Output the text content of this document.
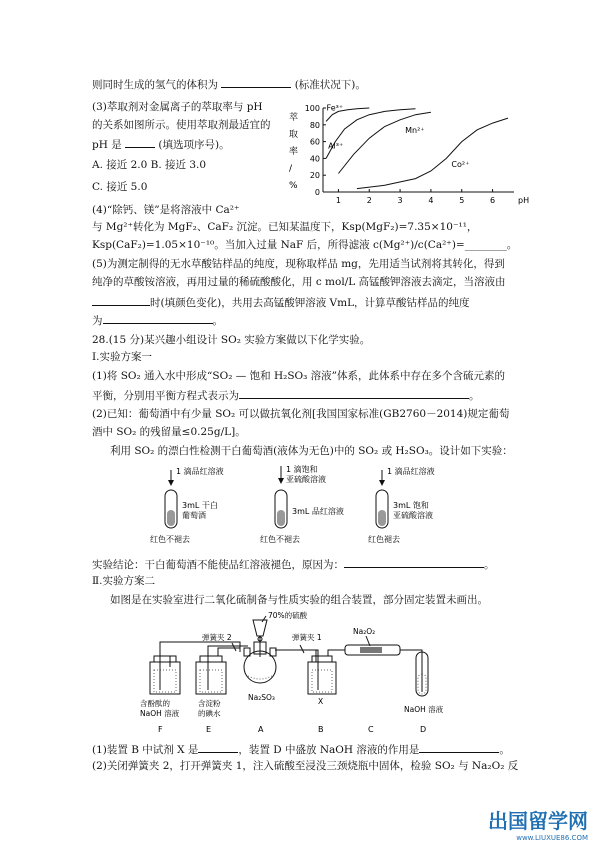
则同时生成的氢气的体积为	(标准状况下)。
(3)萃取剂对金属离子的萃取率与 pH
的关系如图所示。使用萃取剂最适宜的
pH 是	(填选项序号)。
A. 接近 2.0 B. 接近 3.0
C. 接近 5.0
(4)“除钙、镁”是将溶液中 Ca²⁺
与 Mg²⁺转化为 MgF₂、CaF₂ 沉淀。已知某温度下，Ksp(MgF₂)=7.35×10⁻¹¹，
Ksp(CaF₂)=1.05×10⁻¹⁰。当加入过量 NaF 后，所得滤液 c(Mg²⁺)/c(Ca²⁺)=________。
(5)为测定制得的无水草酸钴样品的纯度，现称取样品 mg，先用适当试剂将其转化，得到
纯净的草酸铵溶液，再用过量的稀硫酸酸化，用 c mol/L 高锰酸钾溶液去滴定，当溶液由
时(填颜色变化)，共用去高锰酸钾溶液 VmL，计算草酸钴样品的纯度
为	。
28.(15 分)某兴趣小组设计 SO₂ 实验方案做以下化学实验。
Ⅰ.实验方案一
(1)将 SO₂ 通入水中形成“SO₂ — 饱和 H₂SO₃ 溶液”体系，此体系中存在多个含硫元素的
平衡，分别用平衡方程式表示为	。
(2)已知：葡萄酒中有少量 SO₂ 可以做抗氧化剂[我国国家标准(GB2760－2014)规定葡萄
酒中 SO₂ 的残留量≤0.25g/L]。
利用 SO₂ 的漂白性检测干白葡萄酒(液体为无色)中的 SO₂ 或 H₂SO₃。设计如下实验：
实验结论：干白葡萄酒不能使品红溶液褪色，原因为：	。
Ⅱ.实验方案二
如图是在实验室进行二氧化硫制备与性质实验的组合装置，部分固定装置未画出。
(1)装置 B 中试剂 X 是	，装置 D 中盛放 NaOH 溶液的作用是	。
(2)关闭弹簧夹 2，打开弹簧夹 1，注入硫酸至浸没三颈烧瓶中固体，检验 SO₂ 与 Na₂O₂ 反
萃
取
率
/
%
0
20
40
60
80
100
1	2	3	4	5	6	pH
Fe³⁺
Al³⁺
Mn²⁺
Co²⁺
1 滴品红溶液
3mL 干白
葡萄酒
红色不褪去
1 滴饱和
亚硫酸溶液
3mL 品红溶液
红色不褪去
1 滴品红溶液
3mL 饱和
亚硫酸溶液
红色褪去
弹簧夹 2
70%的硫酸
Na₂SO₃
弹簧夹 1
X
Na₂O₂
含酚酞的
NaOH 溶液
含淀粉
的碘水	NaOH 溶液
F	E	A	B	C	D
出国留学网
www.LIUXUE86.COM
